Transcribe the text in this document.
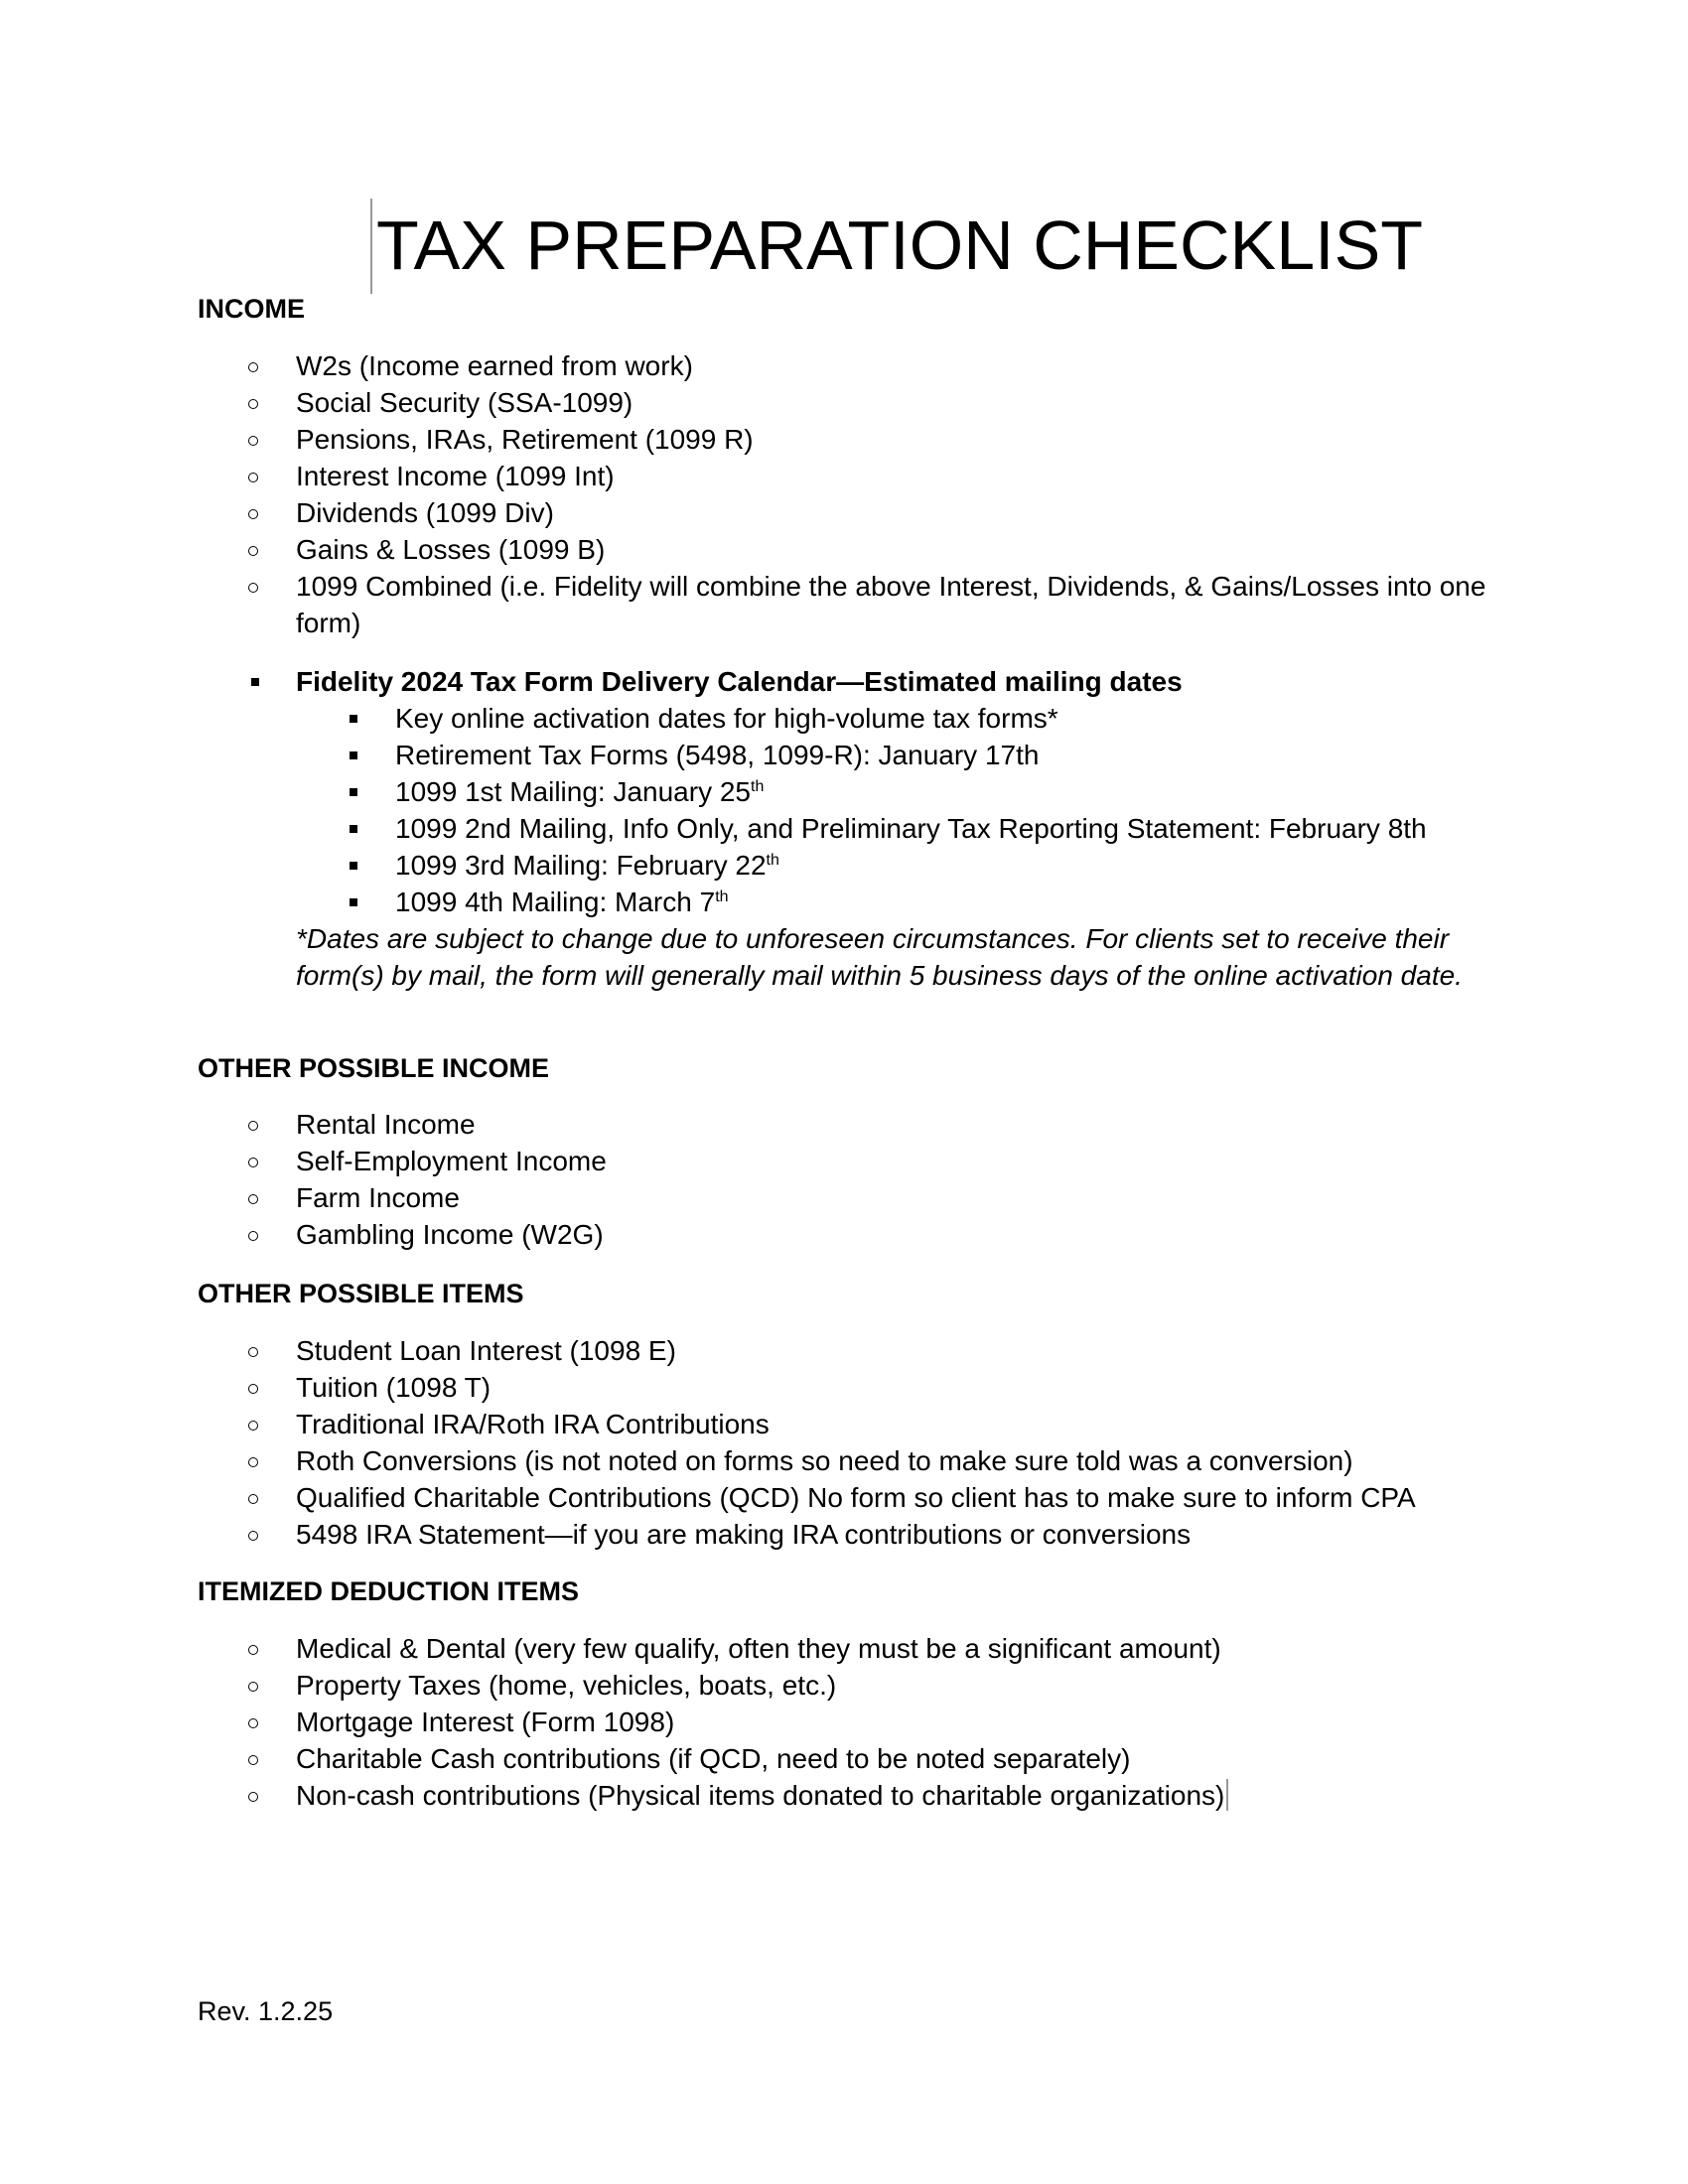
TAX PREPARATION CHECKLIST
INCOME
W2s (Income earned from work)
Social Security (SSA-1099)
Pensions, IRAs, Retirement (1099 R)
Interest Income (1099 Int)
Dividends (1099 Div)
Gains & Losses (1099 B)
1099 Combined (i.e. Fidelity will combine the above Interest, Dividends, & Gains/Losses into one form)
Fidelity 2024 Tax Form Delivery Calendar—Estimated mailing dates
Key online activation dates for high-volume tax forms*
Retirement Tax Forms (5498, 1099-R): January 17th
1099 1st Mailing: January 25th
1099 2nd Mailing, Info Only, and Preliminary Tax Reporting Statement: February 8th
1099 3rd Mailing: February 22th
1099 4th Mailing: March 7th
*Dates are subject to change due to unforeseen circumstances. For clients set to receive their form(s) by mail, the form will generally mail within 5 business days of the online activation date.
OTHER POSSIBLE INCOME
Rental Income
Self-Employment Income
Farm Income
Gambling Income (W2G)
OTHER POSSIBLE ITEMS
Student Loan Interest (1098 E)
Tuition (1098 T)
Traditional IRA/Roth IRA Contributions
Roth Conversions (is not noted on forms so need to make sure told was a conversion)
Qualified Charitable Contributions (QCD) No form so client has to make sure to inform CPA
5498 IRA Statement—if you are making IRA contributions or conversions
ITEMIZED DEDUCTION ITEMS
Medical & Dental (very few qualify, often they must be a significant amount)
Property Taxes (home, vehicles, boats, etc.)
Mortgage Interest (Form 1098)
Charitable Cash contributions (if QCD, need to be noted separately)
Non-cash contributions (Physical items donated to charitable organizations)
Rev. 1.2.25
